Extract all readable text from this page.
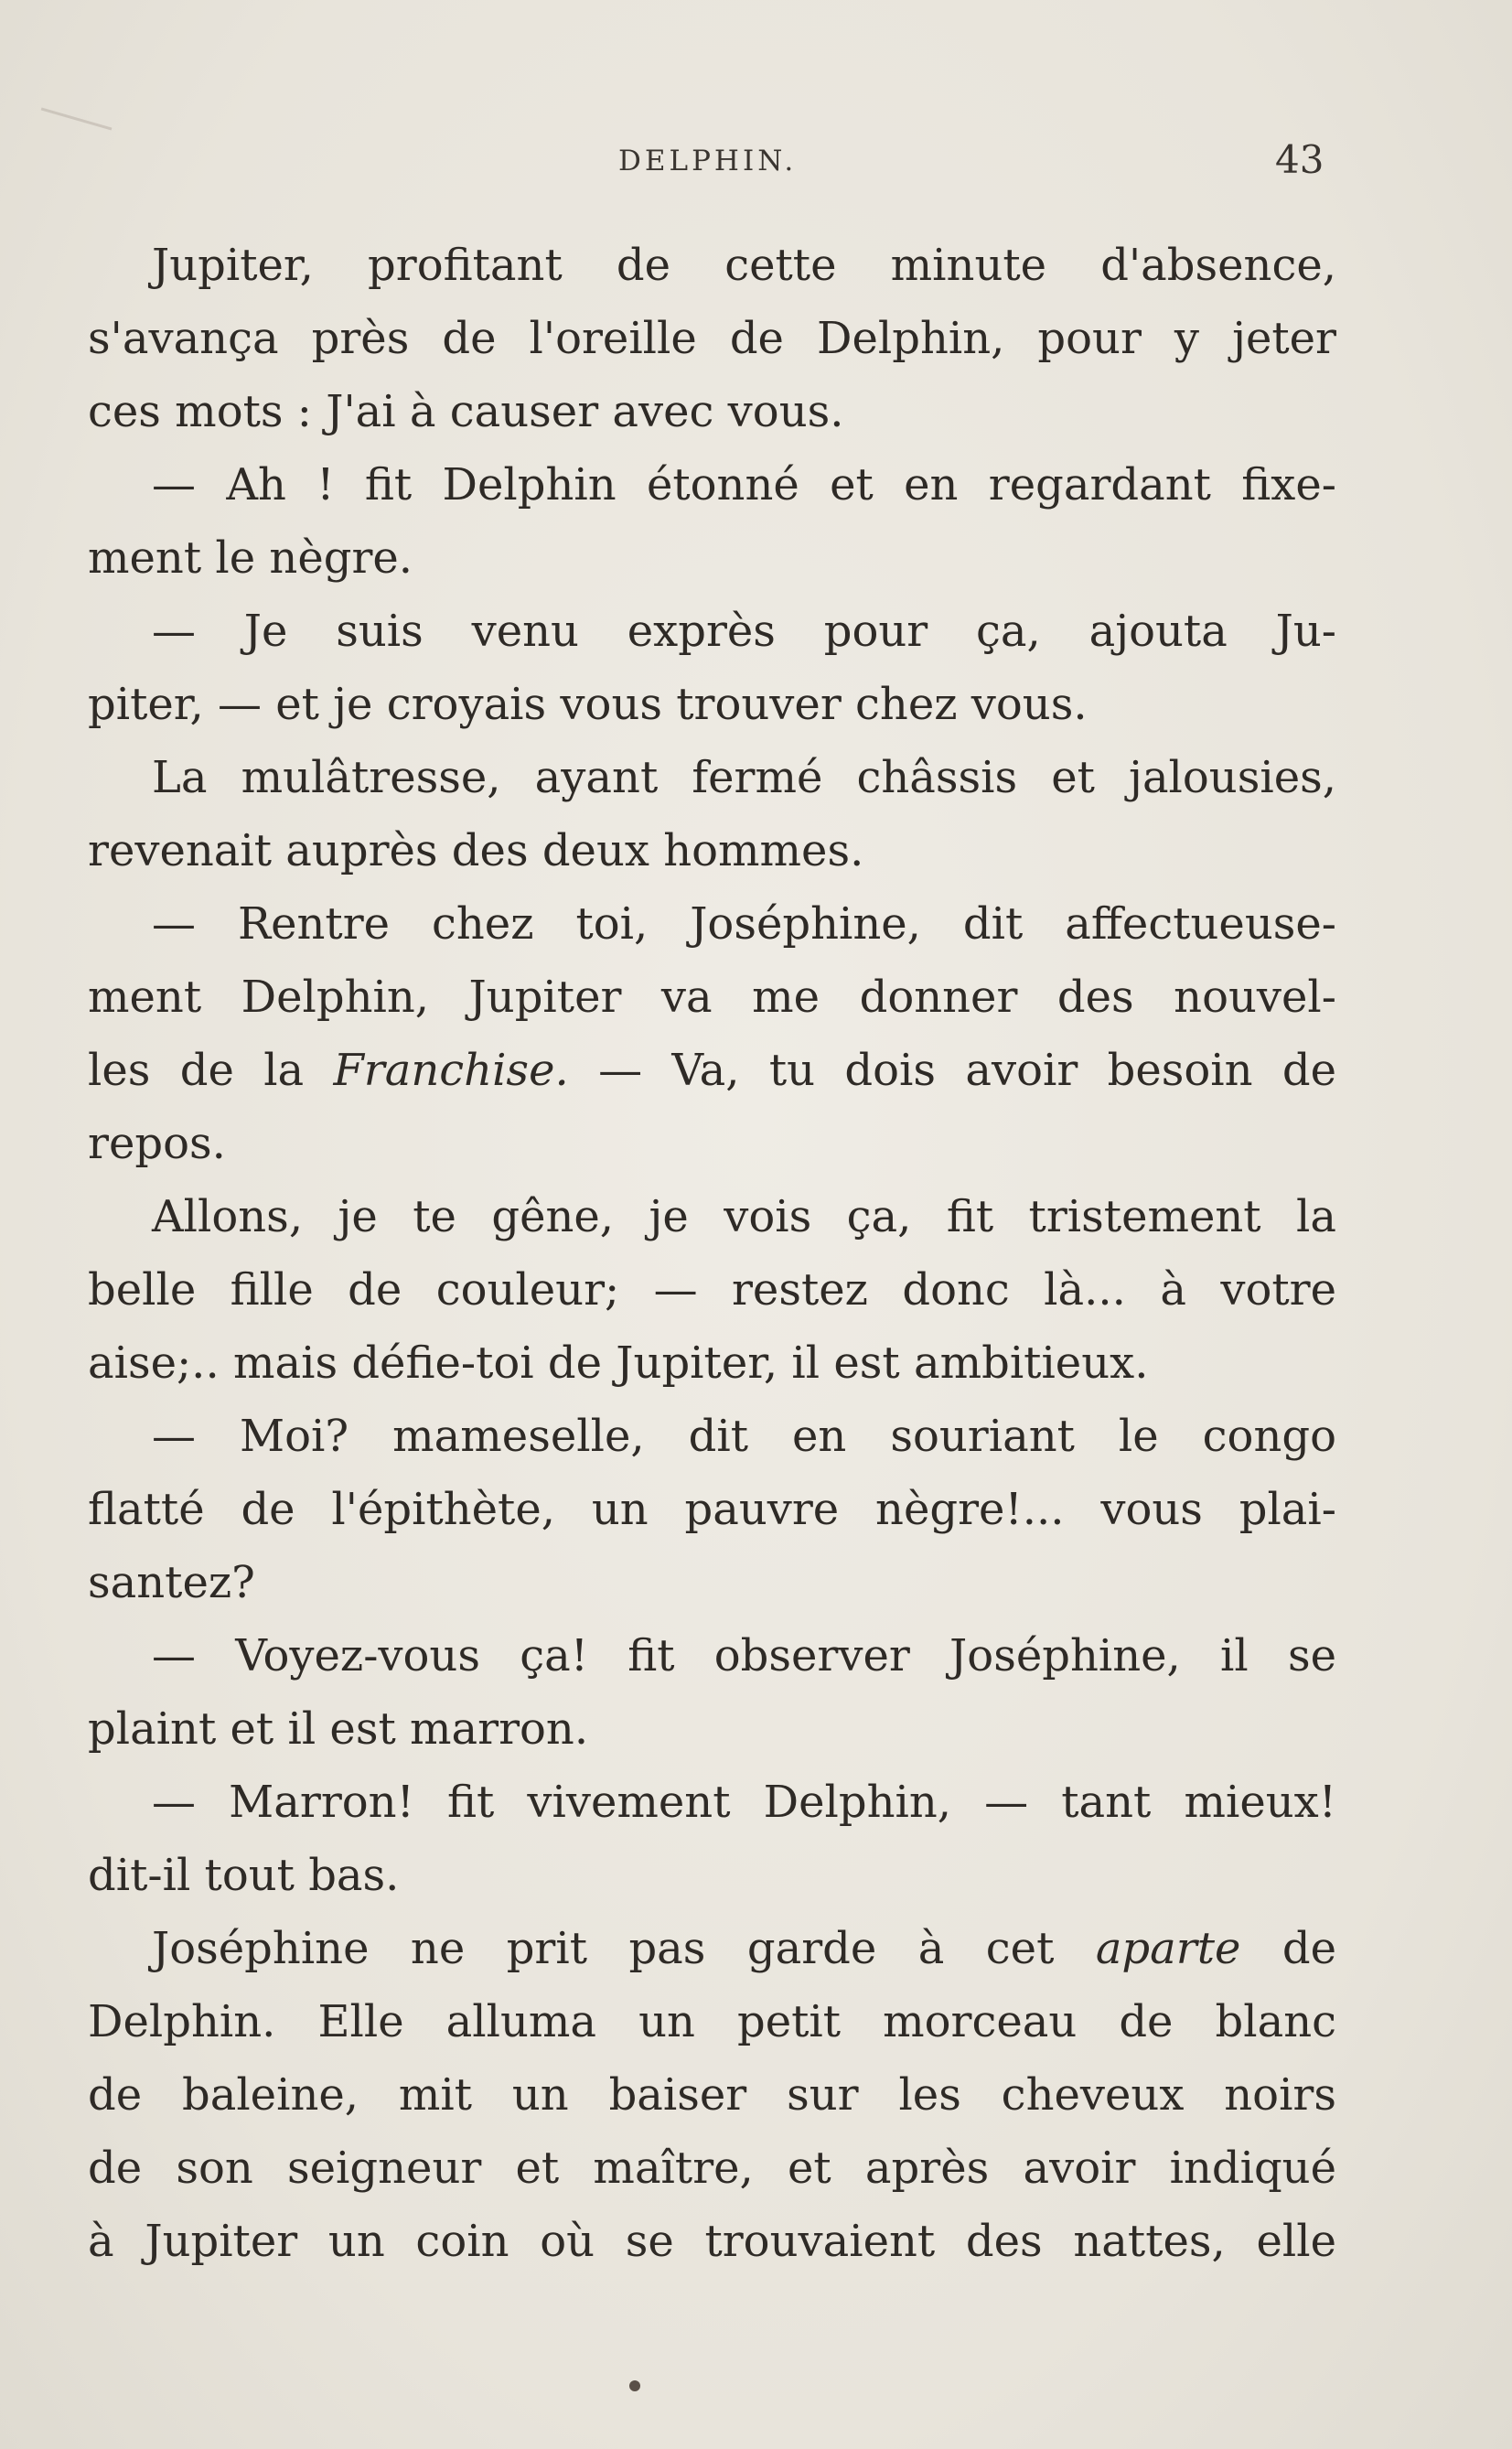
DELPHIN.	43
Jupiter, profitant de cette minute d'absence,
s'avança près de l'oreille de Delphin, pour y jeter
ces mots : J'ai à causer avec vous.
— Ah ! fit Delphin étonné et en regardant fixe-
ment le nègre.
— Je suis venu exprès pour ça, ajouta Ju-
piter, — et je croyais vous trouver chez vous.
La mulâtresse, ayant fermé châssis et jalousies,
revenait auprès des deux hommes.
— Rentre chez toi, Joséphine, dit affectueuse-
ment Delphin, Jupiter va me donner des nouvel-
les de la Franchise. — Va, tu dois avoir besoin de
repos.
Allons, je te gêne, je vois ça, fit tristement la
belle fille de couleur; — restez donc là... à votre
aise;.. mais défie-toi de Jupiter, il est ambitieux.
— Moi? mameselle, dit en souriant le congo
flatté de l'épithète, un pauvre nègre!... vous plai-
santez?
— Voyez-vous ça! fit observer Joséphine, il se
plaint et il est marron.
— Marron! fit vivement Delphin, — tant mieux!
dit-il tout bas.
Joséphine ne prit pas garde à cet aparte de
Delphin. Elle alluma un petit morceau de blanc
de baleine, mit un baiser sur les cheveux noirs
de son seigneur et maître, et après avoir indiqué
à Jupiter un coin où se trouvaient des nattes, elle
